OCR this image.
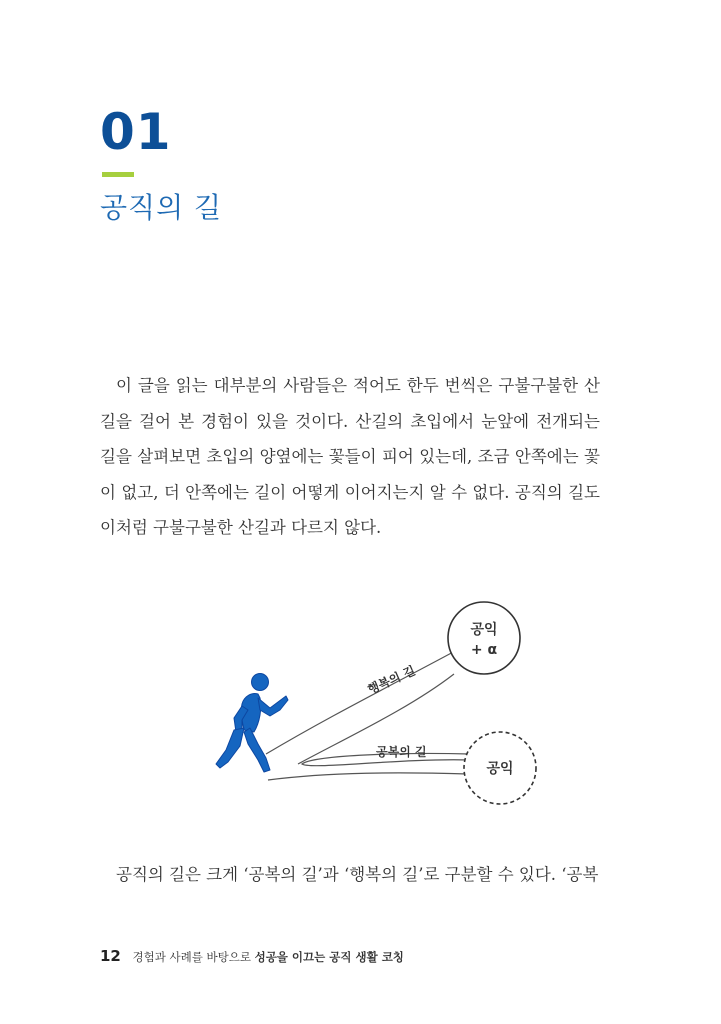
01
공직의 길

이 글을 읽는 대부분의 사람들은 적어도 한두 번씩은 구불구불한 산길을 걸어 본 경험이 있을 것이다. 산길의 초입에서 눈앞에 전개되는 길을 살펴보면 초입의 양옆에는 꽃들이 피어 있는데, 조금 안쪽에는 꽃이 없고, 더 안쪽에는 길이 어떻게 이어지는지 알 수 없다. 공직의 길도 이처럼 구불구불한 산길과 다르지 않다.

행복의 길
공복의 길
공익
+ α
공익

공직의 길은 크게 ‘공복의 길’과 ‘행복의 길’로 구분할 수 있다. ‘공복

12 경험과 사례를 바탕으로 성공을 이끄는 공직 생활 코칭
